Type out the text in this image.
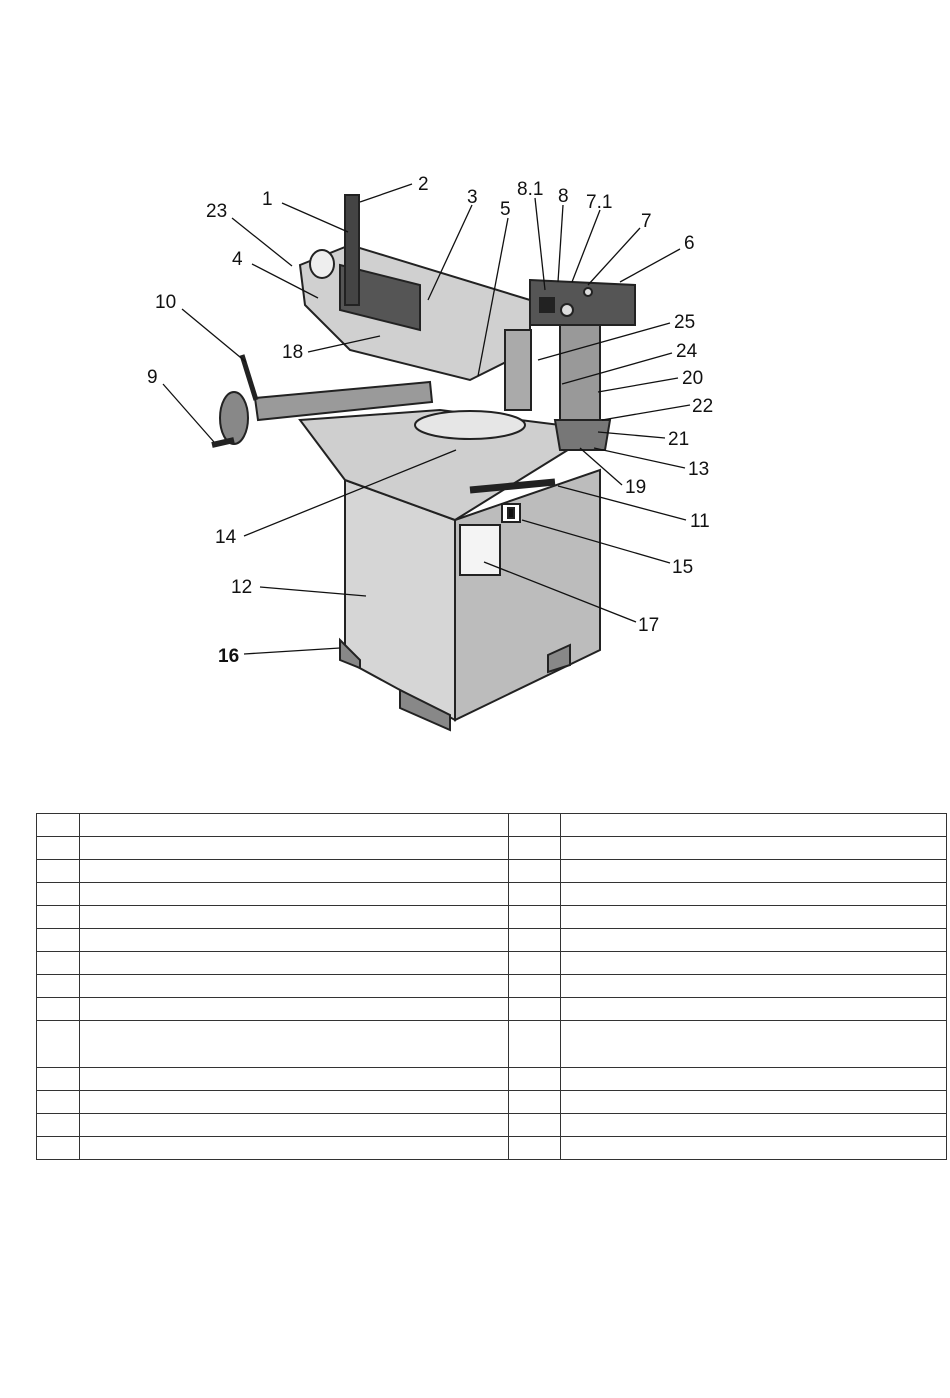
1
2
3
4
5
6
7
7.1
8
8.1
9
10
11
12
13
14
15
16
17
18
19
20
21
22
23
24
25
